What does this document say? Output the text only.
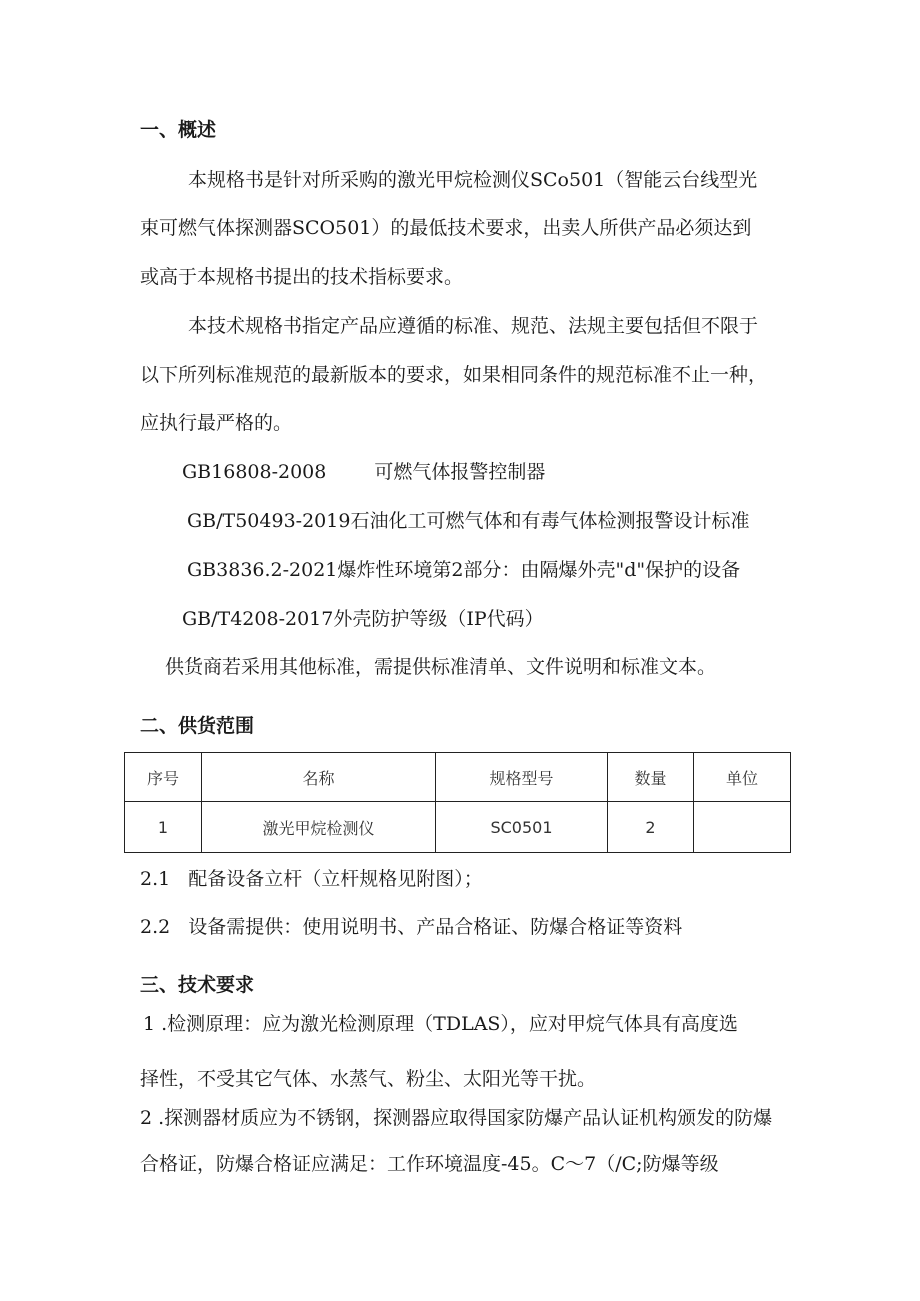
一、概述
本规格书是针对所采购的激光甲烷检测仪SCo501（智能云台线型光
束可燃气体探测器SCO501）的最低技术要求，出卖人所供产品必须达到
或高于本规格书提出的技术指标要求。
本技术规格书指定产品应遵循的标准、规范、法规主要包括但不限于
以下所列标准规范的最新版本的要求，如果相同条件的规范标准不止一种，
应执行最严格的。
GB16808-2008	可燃气体报警控制器
GB/T50493-2019石油化工可燃气体和有毒气体检测报警设计标准
GB3836.2-2021爆炸性环境第2部分：由隔爆外壳"d"保护的设备
GB/T4208-2017外壳防护等级（IP代码）
供货商若采用其他标准，需提供标准清单、文件说明和标准文本。
二、供货范围
序号	名称	规格型号	数量	单位
1	激光甲烷检测仪	SC0501	2	
2.1 配备设备立杆（立杆规格见附图）；
2.2 设备需提供：使用说明书、产品合格证、防爆合格证等资料
三、技术要求
1 .检测原理：应为激光检测原理（TDLAS），应对甲烷气体具有高度选
择性，不受其它气体、水蒸气、粉尘、太阳光等干扰。
2 .探测器材质应为不锈钢，探测器应取得国家防爆产品认证机构颁发的防爆
合格证，防爆合格证应满足：工作环境温度-45。C～7（/C;防爆等级
